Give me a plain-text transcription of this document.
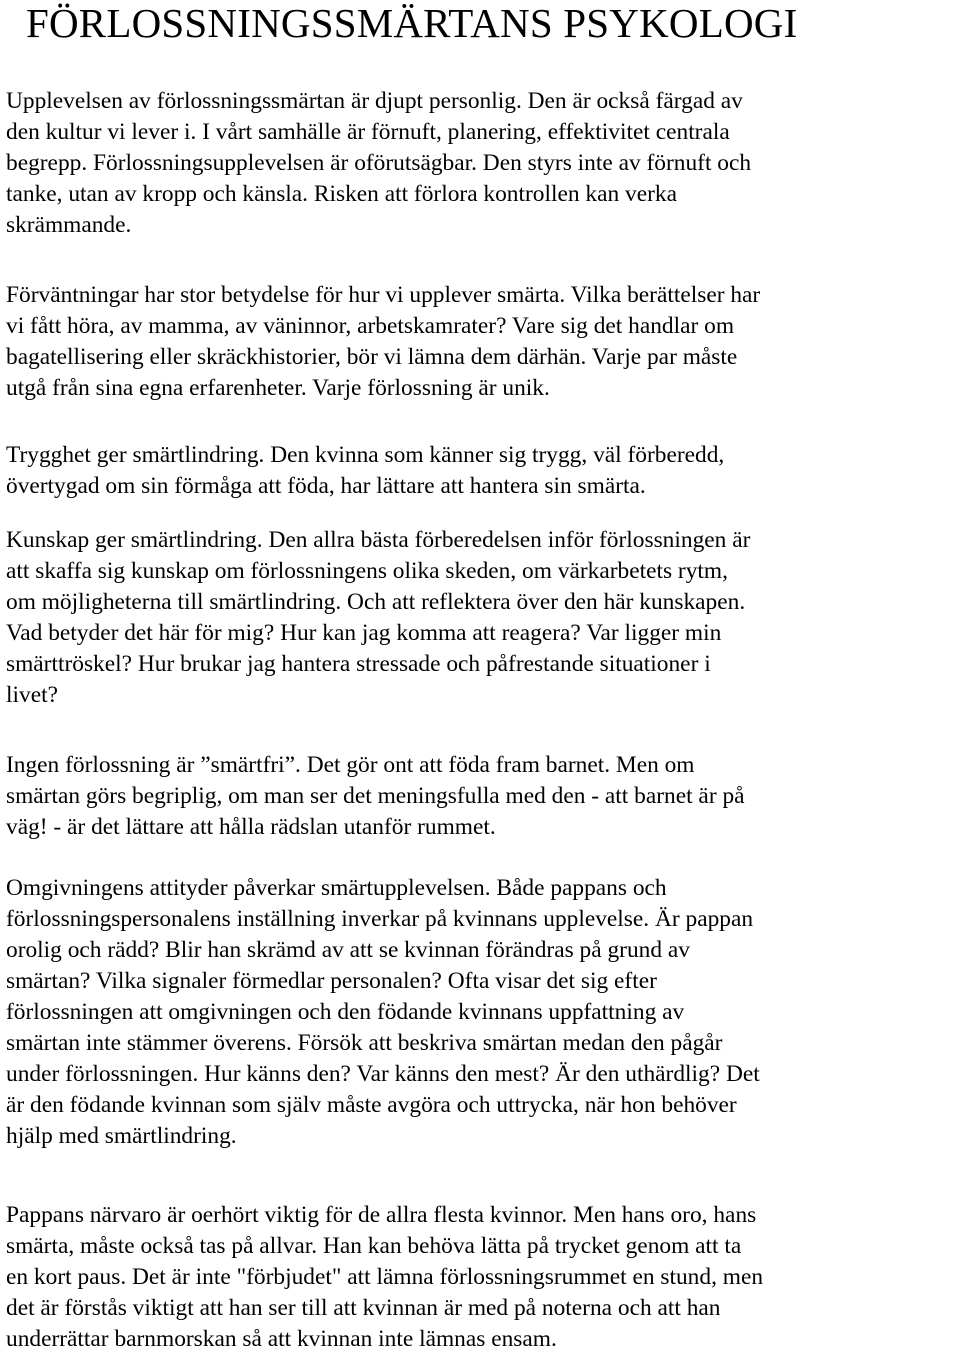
FÖRLOSSNINGSSMÄRTANS PSYKOLOGI

Upplevelsen av förlossningssmärtan är djupt personlig. Den är också färgad av
den kultur vi lever i. I vårt samhälle är förnuft, planering, effektivitet centrala
begrepp. Förlossningsupplevelsen är oförutsägbar. Den styrs inte av förnuft och
tanke, utan av kropp och känsla. Risken att förlora kontrollen kan verka
skrämmande.

Förväntningar har stor betydelse för hur vi upplever smärta. Vilka berättelser har
vi fått höra, av mamma, av väninnor, arbetskamrater? Vare sig det handlar om
bagatellisering eller skräckhistorier, bör vi lämna dem därhän. Varje par måste
utgå från sina egna erfarenheter. Varje förlossning är unik.

Trygghet ger smärtlindring. Den kvinna som känner sig trygg, väl förberedd,
övertygad om sin förmåga att föda, har lättare att hantera sin smärta.

Kunskap ger smärtlindring. Den allra bästa förberedelsen inför förlossningen är
att skaffa sig kunskap om förlossningens olika skeden, om värkarbetets rytm,
om möjligheterna till smärtlindring. Och att reflektera över den här kunskapen.
Vad betyder det här för mig? Hur kan jag komma att reagera? Var ligger min
smärttröskel? Hur brukar jag hantera stressade och påfrestande situationer i
livet?

Ingen förlossning är ”smärtfri”. Det gör ont att föda fram barnet. Men om
smärtan görs begriplig, om man ser det meningsfulla med den - att barnet är på
väg! - är det lättare att hålla rädslan utanför rummet.

Omgivningens attityder påverkar smärtupplevelsen. Både pappans och
förlossningspersonalens inställning inverkar på kvinnans upplevelse. Är pappan
orolig och rädd? Blir han skrämd av att se kvinnan förändras på grund av
smärtan? Vilka signaler förmedlar personalen? Ofta visar det sig efter
förlossningen att omgivningen och den födande kvinnans uppfattning av
smärtan inte stämmer överens. Försök att beskriva smärtan medan den pågår
under förlossningen. Hur känns den? Var känns den mest? Är den uthärdlig? Det
är den födande kvinnan som själv måste avgöra och uttrycka, när hon behöver
hjälp med smärtlindring.

Pappans närvaro är oerhört viktig för de allra flesta kvinnor. Men hans oro, hans
smärta, måste också tas på allvar. Han kan behöva lätta på trycket genom att ta
en kort paus. Det är inte "förbjudet" att lämna förlossningsrummet en stund, men
det är förstås viktigt att han ser till att kvinnan är med på noterna och att han
underrättar barnmorskan så att kvinnan inte lämnas ensam.
